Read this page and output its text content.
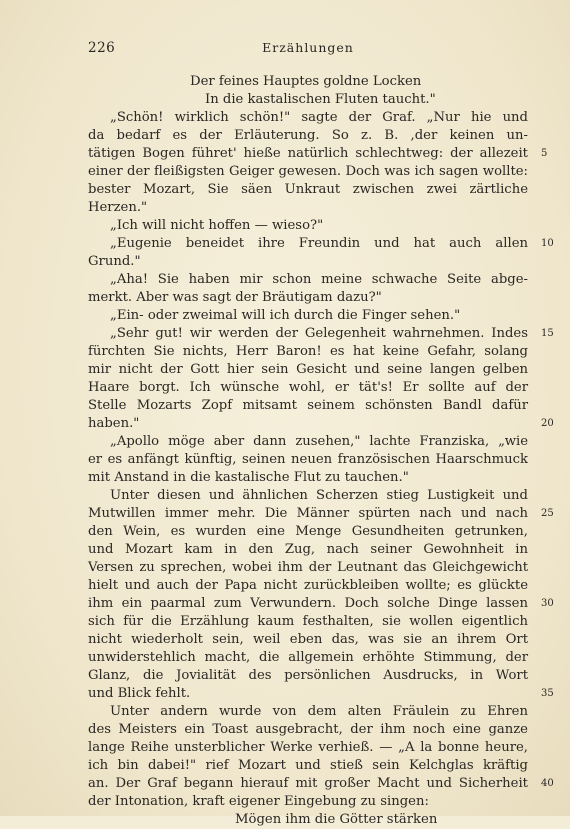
226	Erzählungen
Der feines Hauptes goldne Locken
In die kastalischen Fluten taucht."
„Schön! wirklich schön!" sagte der Graf. „Nur hie und
da bedarf es der Erläuterung. So z. B. ,der keinen un-
tätigen Bogen führet' hieße natürlich schlechtweg: der allezeit
einer der fleißigsten Geiger gewesen. Doch was ich sagen wollte:
bester Mozart, Sie säen Unkraut zwischen zwei zärtliche
Herzen."
„Ich will nicht hoffen — wieso?"
„Eugenie beneidet ihre Freundin und hat auch allen
Grund."
„Aha! Sie haben mir schon meine schwache Seite abge-
merkt. Aber was sagt der Bräutigam dazu?"
„Ein- oder zweimal will ich durch die Finger sehen."
„Sehr gut! wir werden der Gelegenheit wahrnehmen. Indes
fürchten Sie nichts, Herr Baron! es hat keine Gefahr, solang
mir nicht der Gott hier sein Gesicht und seine langen gelben
Haare borgt. Ich wünsche wohl, er tät's! Er sollte auf der
Stelle Mozarts Zopf mitsamt seinem schönsten Bandl dafür
haben."
„Apollo möge aber dann zusehen," lachte Franziska, „wie
er es anfängt künftig, seinen neuen französischen Haarschmuck
mit Anstand in die kastalische Flut zu tauchen."
Unter diesen und ähnlichen Scherzen stieg Lustigkeit und
Mutwillen immer mehr. Die Männer spürten nach und nach
den Wein, es wurden eine Menge Gesundheiten getrunken,
und Mozart kam in den Zug, nach seiner Gewohnheit in
Versen zu sprechen, wobei ihm der Leutnant das Gleichgewicht
hielt und auch der Papa nicht zurückbleiben wollte; es glückte
ihm ein paarmal zum Verwundern. Doch solche Dinge lassen
sich für die Erzählung kaum festhalten, sie wollen eigentlich
nicht wiederholt sein, weil eben das, was sie an ihrem Ort
unwiderstehlich macht, die allgemein erhöhte Stimmung, der
Glanz, die Jovialität des persönlichen Ausdrucks, in Wort
und Blick fehlt.
Unter andern wurde von dem alten Fräulein zu Ehren
des Meisters ein Toast ausgebracht, der ihm noch eine ganze
lange Reihe unsterblicher Werke verhieß. — „A la bonne heure,
ich bin dabei!" rief Mozart und stieß sein Kelchglas kräftig
an. Der Graf begann hierauf mit großer Macht und Sicherheit
der Intonation, kraft eigener Eingebung zu singen:
Mögen ihm die Götter stärken
5
10
15
20
25
30
35
40
